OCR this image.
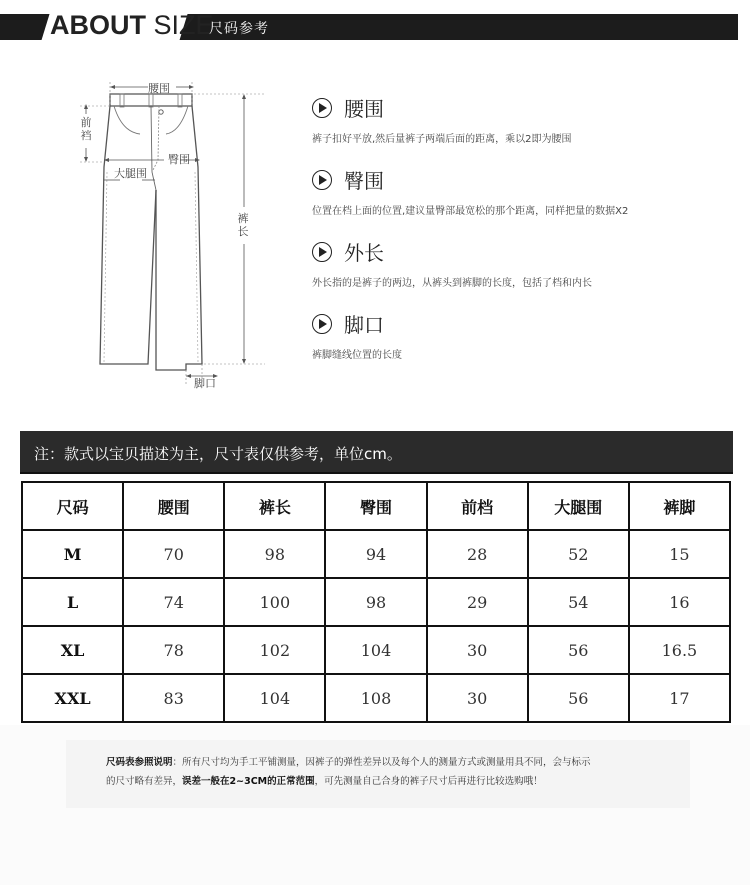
ABOUT SIZE
尺码参考
腰围
前裆
臀围
大腿围
裤长
脚口
腰围
裤子扣好平放,然后量裤子两端后面的距离，乘以2即为腰围
臀围
位置在档上面的位置,建议量臀部最宽松的那个距离，同样把量的数据X2
外长
外长指的是裤子的两边，从裤头到裤脚的长度，包括了档和内长
脚口
裤脚缝线位置的长度
注：款式以宝贝描述为主，尺寸表仅供参考，单位cm。
尺码	腰围	裤长	臀围	前档	大腿围	裤脚
M	70	98	94	28	52	15
L	74	100	98	29	54	16
XL	78	102	104	30	56	16.5
XXL	83	104	108	30	56	17

尺码表参照说明：所有尺寸均为手工平铺测量，因裤子的弹性差异以及每个人的测量方式或测量用具不同，会与标示

的尺寸略有差异，误差一般在2~3CM的正常范围，可先测量自己合身的裤子尺寸后再进行比较选购哦！
